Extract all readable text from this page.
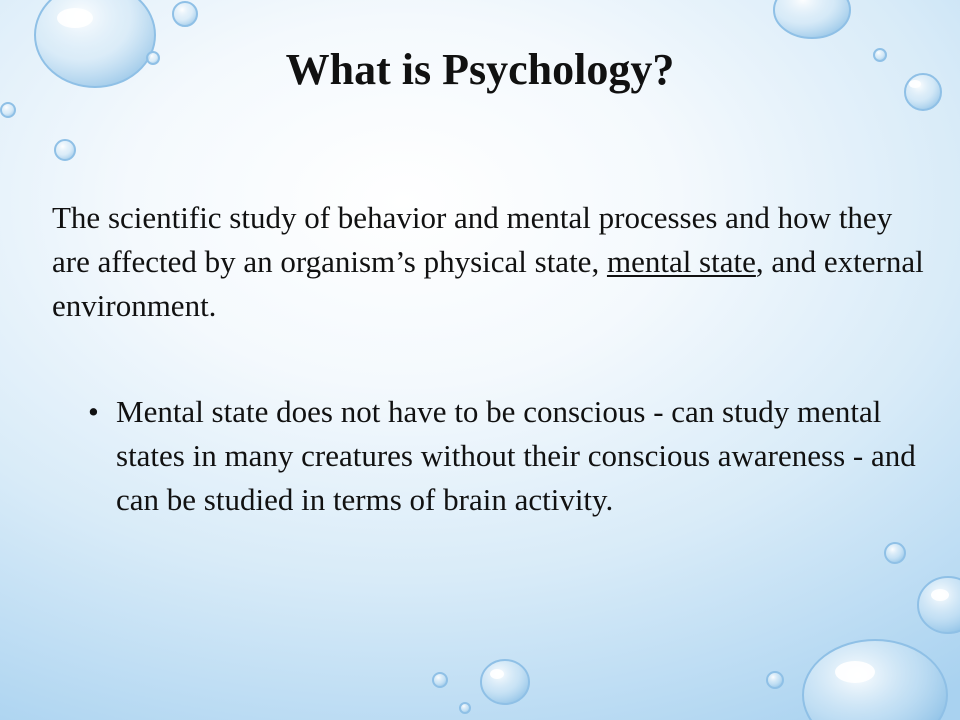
What is Psychology?

The scientific study of behavior and mental processes and how they are affected by an organism’s physical state, mental state, and external environment.

• Mental state does not have to be conscious - can study mental states in many creatures without their conscious awareness - and can be studied in terms of brain activity.
